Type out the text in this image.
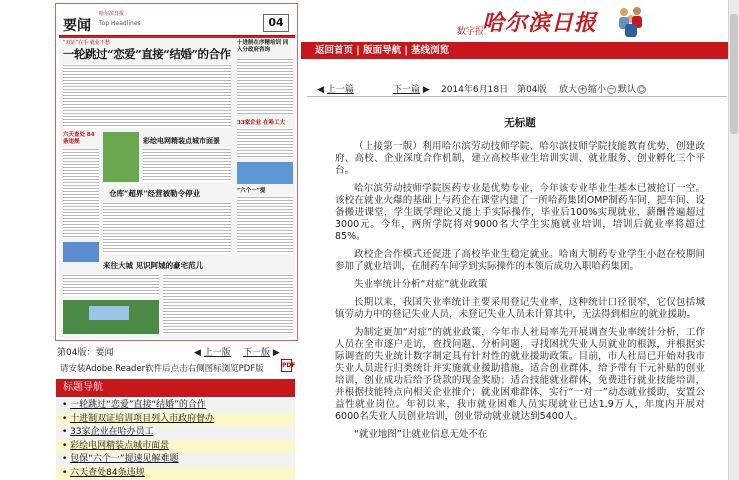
哈尔滨日报
要闻 Top Headlines	04
“双证”在手 就业不愁
一轮跳过“恋爱”直接“结婚”的合作
十进制在序精培训 同入分政府咨询
33家企业 在哈工大
六天查处 84条违规	彩绘电网精装点城市面景
仓库“超界”经营被勒令停业	“六个一”提
来往大城 见识阿城的豪宅范儿
第04版：要闻	◀ 上一版 下一版 ▶
请安装Adobe Reader软件后点击右侧图标浏览PDF版	PDF
标题导航
• 一轮跳过“恋爱”直接“结婚”的合作
• 十进制双证培训项目列入市政府督办
• 33家企业在哈办员工
• 彩绘电网精装点城市面景
• 包保“六个一”提速见解难题
• 六天查处84条违规
数字报
哈尔滨日报
返回首页 | 版面导航 | 基线浏览
◀ 上一篇	下一篇 ▶ 2014年6月18日　第04版 放大 + 缩小 − 默认 ○
无标题

（上接第一版）利用哈尔滨劳动技师学院、哈尔滨技师学院技能教育优势，创建政府、高校、企业深度合作机制，建立高校毕业生培训实训、就业服务、创业孵化三个平台。

哈尔滨劳动技师学院医药专业是优势专业，今年该专业毕业生基本已被抢订一空。该校在就业火爆的基础上与药企在课堂内建了一所哈药集团OMP制药车间，把车间、设备搬进课堂，学生既学理论又能上手实际操作，毕业后100%实现就业，薪酬普遍超过3000元。今年，两所学院将对9000名大学生实施就业培训，培训后就业率将超过85%。

政校企合作模式还促进了高校毕业生稳定就业。哈南大制药专业学生小赵在校期间参加了就业培训，在制药车间学到实际操作的本领后成功入职哈药集团。

失业率统计分析“对症”就业政策

长期以来，我国失业率统计主要采用登记失业率，这种统计口径很窄，它仅包括城镇劳动力中的登记失业人员，未登记失业人员未计算其中，无法得到相应的就业援助。

为制定更加“对症”的就业政策，今年市人社局率先开展调查失业率统计分析，工作人员在全市逐户走访，查找问题、分析问题，寻找困扰失业人员就业的根源，并根据实际调查的失业统计数字制定具有针对性的就业援助政策。目前，市人社局已开始对我市失业人员进行归类统计并实施就业援助措施。适合创业群体，给予带有干元补贴的创业培训，创业成功后给予贷款的现金奖励；适合技能就业群体，免费进行就业技能培训，并根据技能特点向相关企业推介；就业困难群体，实行“一对一”动态就业援助，安置公益性就业岗位。年初以来，我市就业困难人员实现就业已达1.9万人，年度内开展对6000名失业人员创业培训，创业带动就业就达到5400人。

“就业地图”让就业信息无处不在
